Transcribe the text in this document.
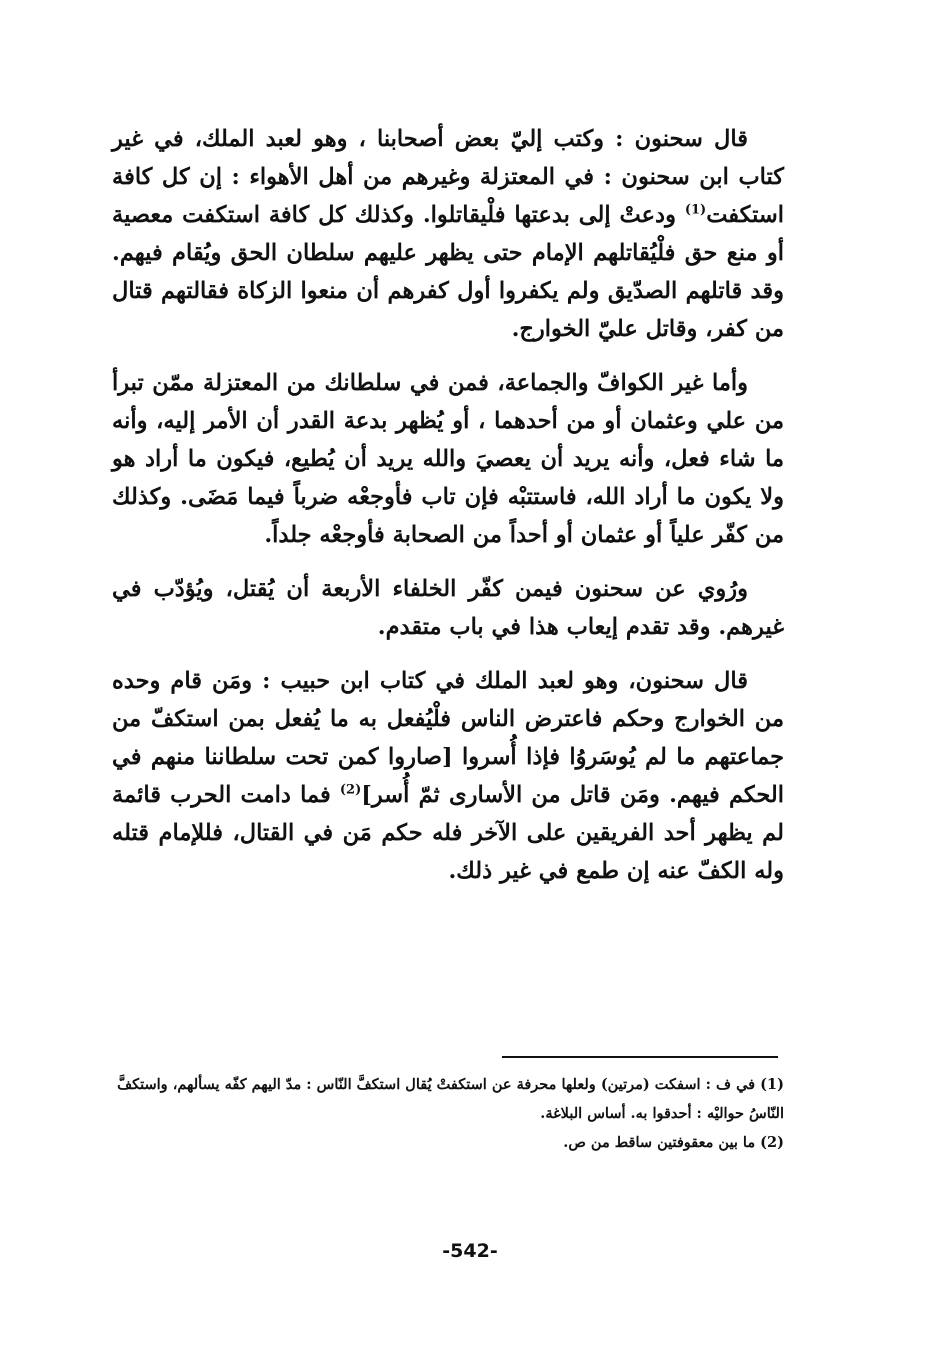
قال سحنون : وكتب إليّ بعض أصحابنا ، وهو لعبد الملك، في غير كتاب ابن سحنون : في المعتزلة وغيرهم من أهل الأهواء : إن كل كافة استكفت$^{(1)}$ ودعتْ إلى بدعتها فلْيقاتلوا. وكذلك كل كافة استكفت معصية أو منع حق فلْيُقاتلهم الإمام حتى يظهر عليهم سلطان الحق ويُقام فيهم. وقد قاتلهم الصدّيق ولم يكفروا أول كفرهم أن منعوا الزكاة فقالتهم قتال من كفر، وقاتل عليّ الخوارج.

وأما غير الكوافّ والجماعة، فمن في سلطانك من المعتزلة ممّن تبرأ من علي وعثمان أو من أحدهما ، أو يُظهر بدعة القدر أن الأمر إليه، وأنه ما شاء فعل، وأنه يريد أن يعصيَ والله يريد أن يُطيع، فيكون ما أراد هو ولا يكون ما أراد الله، فاستتبْه فإن تاب فأوجعْه ضرباً فيما مَضَى. وكذلك من كفّر علياً أو عثمان أو أحداً من الصحابة فأوجعْه جلداً.

ورُوي عن سحنون فيمن كفّر الخلفاء الأربعة أن يُقتل، ويُؤدّب في غيرهم. وقد تقدم إيعاب هذا في باب متقدم.

قال سحنون، وهو لعبد الملك في كتاب ابن حبيب : ومَن قام وحده من الخوارج وحكم فاعترض الناس فلْيُفعل به ما يُفعل بمن استكفّ من جماعتهم ما لم يُوسَروُا فإذا أُسروا [صاروا كمن تحت سلطاننا منهم في الحكم فيهم. ومَن قاتل من الأسارى ثمّ أُسر]$^{(2)}$ فما دامت الحرب قائمة لم يظهر أحد الفريقين على الآخر فله حكم مَن في القتال، فللإمام قتله وله الكفّ عنه إن طمع في غير ذلك.

(1) في ف : اسفكت (مرتين) ولعلها محرفة عن استكفتْ يُقال استكفَّ النّاس : مدّ اليهم كفّه يسألهم، واستكفَّ النّاسُ حواليْه : أحدقوا به. أساس البلاغة.
(2) ما بين معقوفتين ساقط من ص.
-542-
